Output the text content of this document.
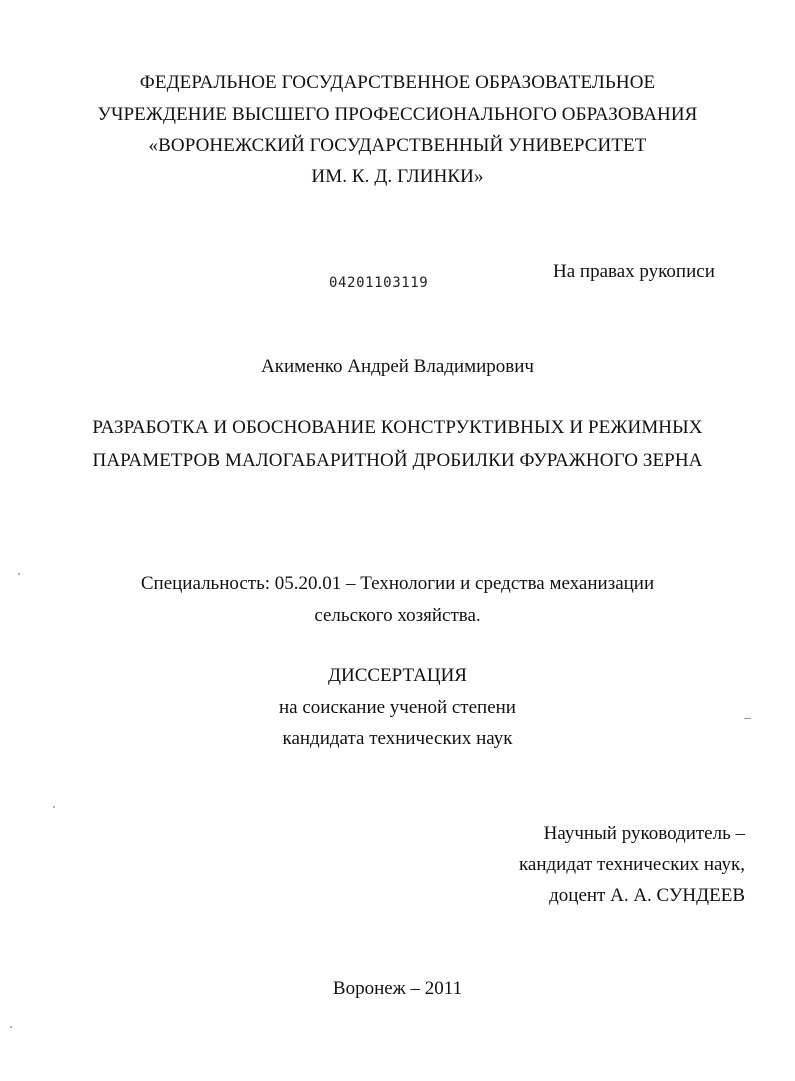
ФЕДЕРАЛЬНОЕ ГОСУДАРСТВЕННОЕ ОБРАЗОВАТЕЛЬНОЕ
УЧРЕЖДЕНИЕ ВЫСШЕГО ПРОФЕССИОНАЛЬНОГО ОБРАЗОВАНИЯ
«ВОРОНЕЖСКИЙ ГОСУДАРСТВЕННЫЙ УНИВЕРСИТЕТ
ИМ. К. Д. ГЛИНКИ»
На правах рукописи
04201103119
Акименко Андрей Владимирович
РАЗРАБОТКА И ОБОСНОВАНИЕ КОНСТРУКТИВНЫХ И РЕЖИМНЫХ
ПАРАМЕТРОВ МАЛОГАБАРИТНОЙ ДРОБИЛКИ ФУРАЖНОГО ЗЕРНА
Специальность: 05.20.01 – Технологии и средства механизации
сельского хозяйства.
ДИССЕРТАЦИЯ
на соискание ученой степени
кандидата технических наук
Научный руководитель –
кандидат технических наук,
доцент А. А. СУНДЕЕВ
Воронеж – 2011
